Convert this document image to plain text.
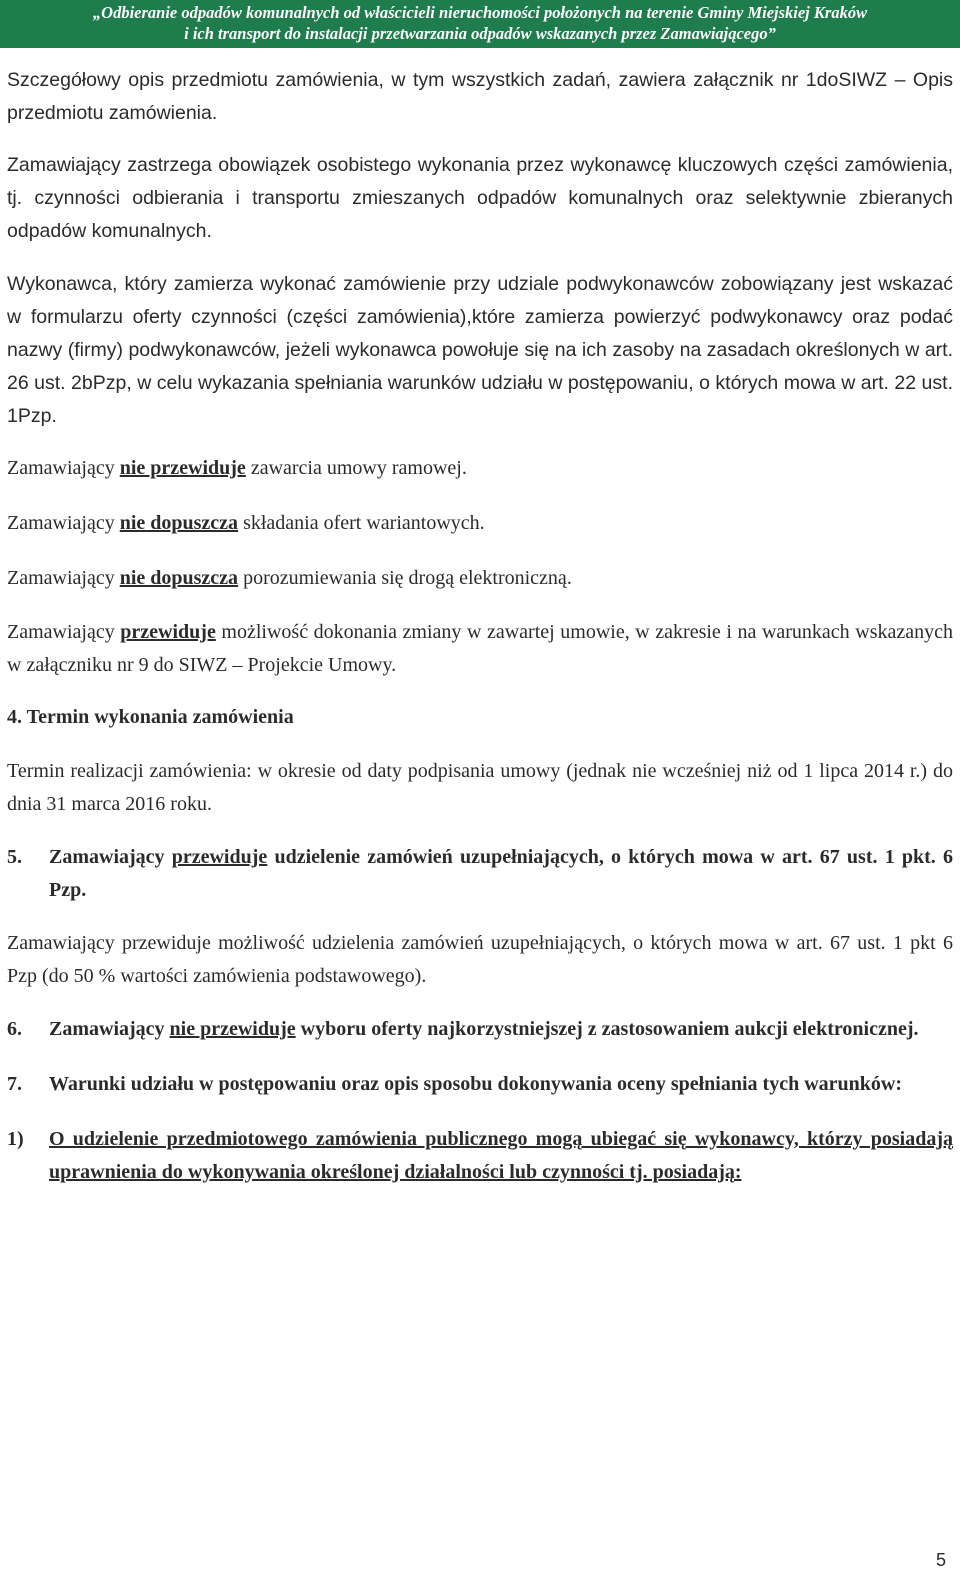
„Odbieranie odpadów komunalnych od właścicieli nieruchomości położonych na terenie Gminy Miejskiej Kraków
i ich transport do instalacji przetwarzania odpadów wskazanych przez Zamawiającego”

Szczegółowy opis przedmiotu zamówienia, w tym wszystkich zadań, zawiera załącznik nr 1doSIWZ – Opis przedmiotu zamówienia.

Zamawiający zastrzega obowiązek osobistego wykonania przez wykonawcę kluczowych części zamówienia, tj. czynności odbierania i transportu zmieszanych odpadów komunalnych oraz selektywnie zbieranych odpadów komunalnych.

Wykonawca, który zamierza wykonać zamówienie przy udziale podwykonawców zobowiązany jest wskazać w formularzu oferty czynności (części zamówienia),które zamierza powierzyć podwykonawcy oraz podać nazwy (firmy) podwykonawców, jeżeli wykonawca powołuje się na ich zasoby na zasadach określonych w art. 26 ust. 2bPzp, w celu wykazania spełniania warunków udziału w postępowaniu, o których mowa w art. 22 ust. 1Pzp.

Zamawiający nie przewiduje zawarcia umowy ramowej.

Zamawiający nie dopuszcza składania ofert wariantowych.

Zamawiający nie dopuszcza porozumiewania się drogą elektroniczną.

Zamawiający przewiduje możliwość dokonania zmiany w zawartej umowie, w zakresie i na warunkach wskazanych w załączniku nr 9 do SIWZ – Projekcie Umowy.

4. Termin wykonania zamówienia

Termin realizacji zamówienia: w okresie od daty podpisania umowy (jednak nie wcześniej niż od 1 lipca 2014 r.) do dnia 31 marca 2016 roku.

5. Zamawiający przewiduje udzielenie zamówień uzupełniających, o których mowa w art. 67 ust. 1 pkt. 6 Pzp.

Zamawiający przewiduje możliwość udzielenia zamówień uzupełniających, o których mowa w art. 67 ust. 1 pkt 6 Pzp (do 50 % wartości zamówienia podstawowego).

6. Zamawiający nie przewiduje wyboru oferty najkorzystniejszej z zastosowaniem aukcji elektronicznej.

7. Warunki udziału w postępowaniu oraz opis sposobu dokonywania oceny spełniania tych warunków:

1) O udzielenie przedmiotowego zamówienia publicznego mogą ubiegać się wykonawcy, którzy posiadają uprawnienia do wykonywania określonej działalności lub czynności tj. posiadają:

5
